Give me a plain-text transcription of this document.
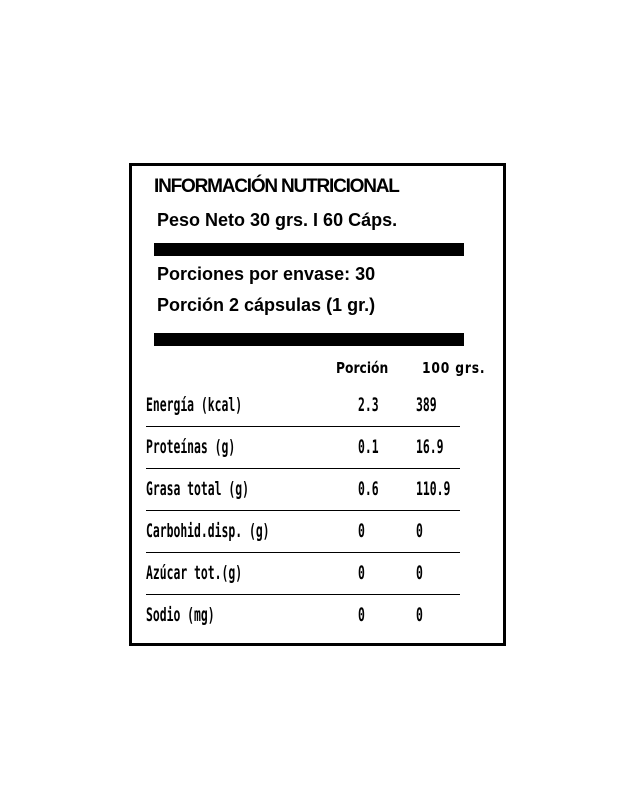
INFORMACIÓN NUTRICIONAL
Peso Neto 30 grs. I 60 Cáps.
Porciones por envase: 30
Porción 2 cápsulas (1 gr.)
Porción 100 grs.
Energía (kcal)	2.3 389
Proteínas (g)	0.1 16.9
Grasa total (g)	0.6 110.9
Carbohid.disp. (g)	0	0
Azúcar tot.(g)	0	0
Sodio (mg)	0	0
